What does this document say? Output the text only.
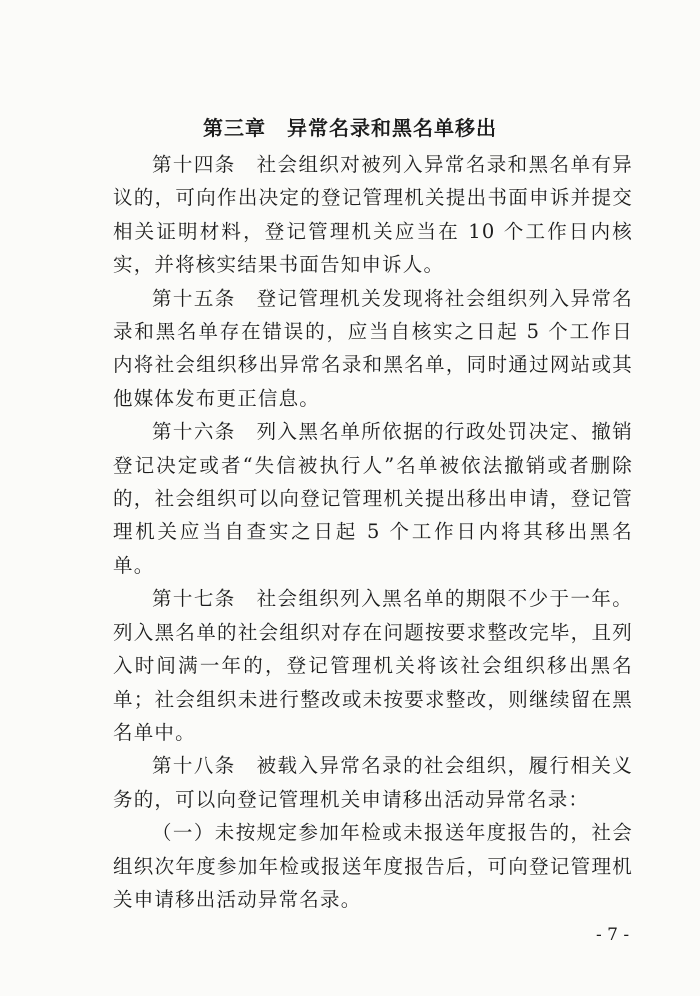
第三章　异常名录和黑名单移出

第十四条　社会组织对被列入异常名录和黑名单有异议的，可向作出决定的登记管理机关提出书面申诉并提交相关证明材料，登记管理机关应当在 10 个工作日内核实，并将核实结果书面告知申诉人。

第十五条　登记管理机关发现将社会组织列入异常名录和黑名单存在错误的，应当自核实之日起 5 个工作日内将社会组织移出异常名录和黑名单，同时通过网站或其他媒体发布更正信息。

第十六条　列入黑名单所依据的行政处罚决定、撤销登记决定或者“失信被执行人”名单被依法撤销或者删除的，社会组织可以向登记管理机关提出移出申请，登记管理机关应当自查实之日起 5 个工作日内将其移出黑名单。

第十七条　社会组织列入黑名单的期限不少于一年。列入黑名单的社会组织对存在问题按要求整改完毕，且列入时间满一年的，登记管理机关将该社会组织移出黑名单；社会组织未进行整改或未按要求整改，则继续留在黑名单中。

第十八条　被载入异常名录的社会组织，履行相关义务的，可以向登记管理机关申请移出活动异常名录：

（一）未按规定参加年检或未报送年度报告的，社会组织次年度参加年检或报送年度报告后，可向登记管理机关申请移出活动异常名录。

- 7 -
